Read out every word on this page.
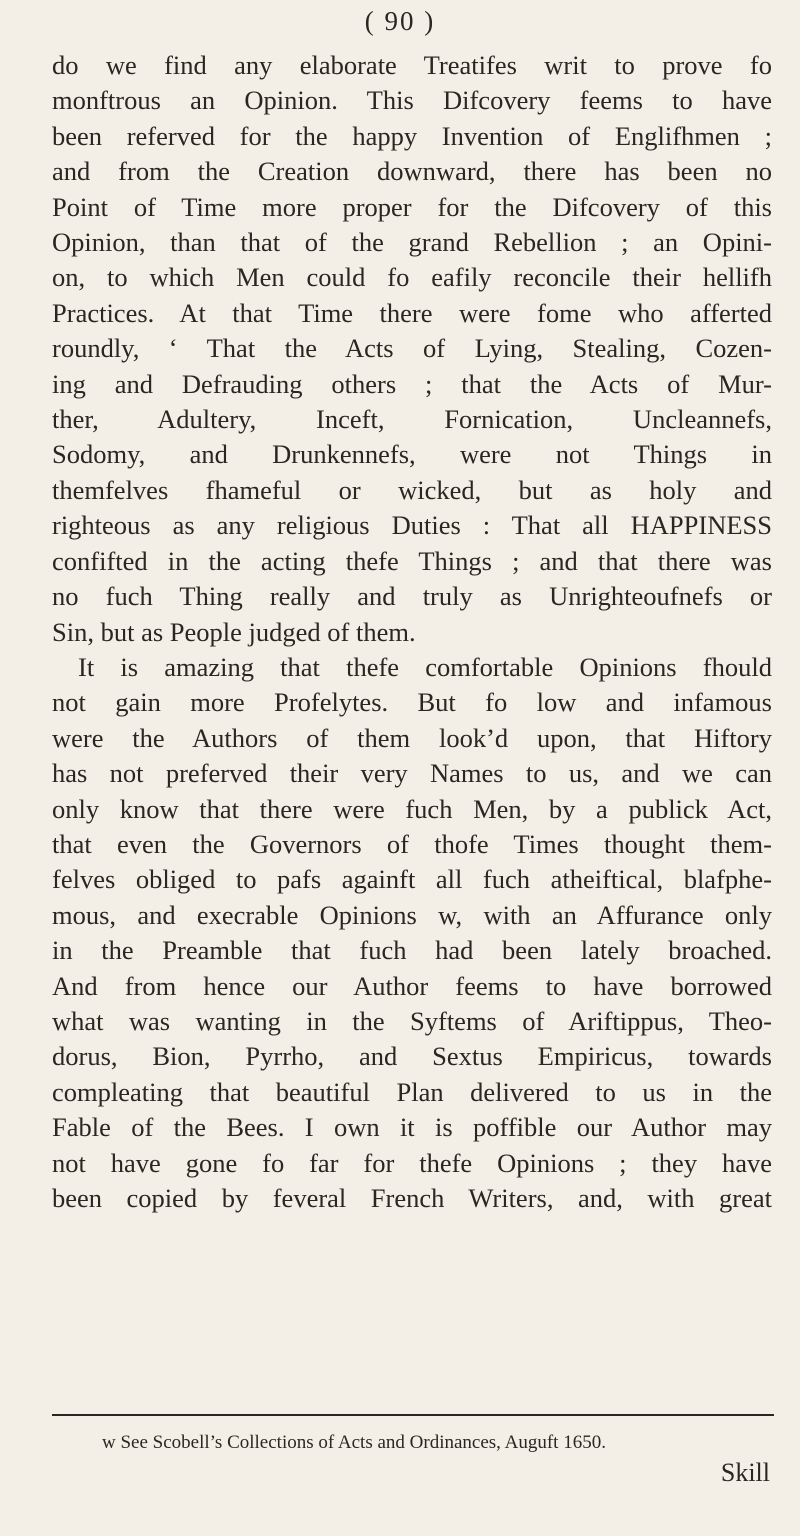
( 90 )
do we find any elaborate Treatifes writ to prove fo
monftrous an Opinion. This Difcovery feems to have
been referved for the happy Invention of Englifhmen ;
and from the Creation downward, there has been no
Point of Time more proper for the Difcovery of this
Opinion, than that of the grand Rebellion ; an Opini-
on, to which Men could fo eafily reconcile their hellifh
Practices. At that Time there were fome who afferted
roundly, ‘ That the Acts of Lying, Stealing, Cozen-
ing and Defrauding others ; that the Acts of Mur-
ther, Adultery, Inceft, Fornication, Uncleannefs,
Sodomy, and Drunkennefs, were not Things in
themfelves fhameful or wicked, but as holy and
righteous as any religious Duties : That all HAPPINESS
confifted in the acting thefe Things ; and that there was
no fuch Thing really and truly as Unrighteoufnefs or
Sin, but as People judged of them.
It is amazing that thefe comfortable Opinions fhould
not gain more Profelytes. But fo low and infamous
were the Authors of them look’d upon, that Hiftory
has not preferved their very Names to us, and we can
only know that there were fuch Men, by a publick Act,
that even the Governors of thofe Times thought them-
felves obliged to pafs againft all fuch atheiftical, blafphe-
mous, and execrable Opinions w, with an Affurance only
in the Preamble that fuch had been lately broached.
And from hence our Author feems to have borrowed
what was wanting in the Syftems of Ariftippus, Theo-
dorus, Bion, Pyrrho, and Sextus Empiricus, towards
compleating that beautiful Plan delivered to us in the
Fable of the Bees. I own it is poffible our Author may
not have gone fo far for thefe Opinions ; they have
been copied by feveral French Writers, and, with great
w See Scobell’s Collections of Acts and Ordinances, Auguft 1650.
Skill
